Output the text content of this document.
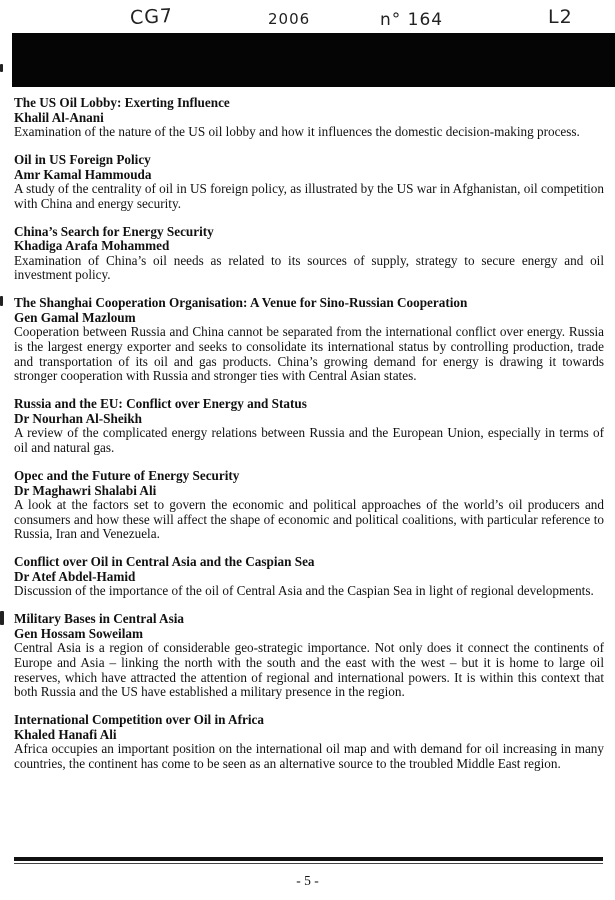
CG7	2006	n° 164	L2
The US Oil Lobby: Exerting Influence
Khalil Al-Anani

Examination of the nature of the US oil lobby and how it influences the domestic decision-making process.

Oil in US Foreign Policy
Amr Kamal Hammouda

A study of the centrality of oil in US foreign policy, as illustrated by the US war in Afghanistan, oil competition with China and energy security.

China’s Search for Energy Security
Khadiga Arafa Mohammed

Examination of China’s oil needs as related to its sources of supply, strategy to secure energy and oil investment policy.

The Shanghai Cooperation Organisation: A Venue for Sino-Russian Cooperation
Gen Gamal Mazloum

Cooperation between Russia and China cannot be separated from the international conflict over energy. Russia is the largest energy exporter and seeks to consolidate its international status by controlling production, trade and transportation of its oil and gas products. China’s growing demand for energy is drawing it towards stronger cooperation with Russia and stronger ties with Central Asian states.

Russia and the EU: Conflict over Energy and Status
Dr Nourhan Al-Sheikh

A review of the complicated energy relations between Russia and the European Union, especially in terms of oil and natural gas.

Opec and the Future of Energy Security
Dr Maghawri Shalabi Ali

A look at the factors set to govern the economic and political approaches of the world’s oil producers and consumers and how these will affect the shape of economic and political coalitions, with particular reference to Russia, Iran and Venezuela.

Conflict over Oil in Central Asia and the Caspian Sea
Dr Atef Abdel-Hamid

Discussion of the importance of the oil of Central Asia and the Caspian Sea in light of regional developments.

Military Bases in Central Asia
Gen Hossam Soweilam

Central Asia is a region of considerable geo-strategic importance. Not only does it connect the continents of Europe and Asia – linking the north with the south and the east with the west – but it is home to large oil reserves, which have attracted the attention of regional and international powers. It is within this context that both Russia and the US have established a military presence in the region.

International Competition over Oil in Africa
Khaled Hanafi Ali

Africa occupies an important position on the international oil map and with demand for oil increasing in many countries, the continent has come to be seen as an alternative source to the troubled Middle East region.

- 5 -
